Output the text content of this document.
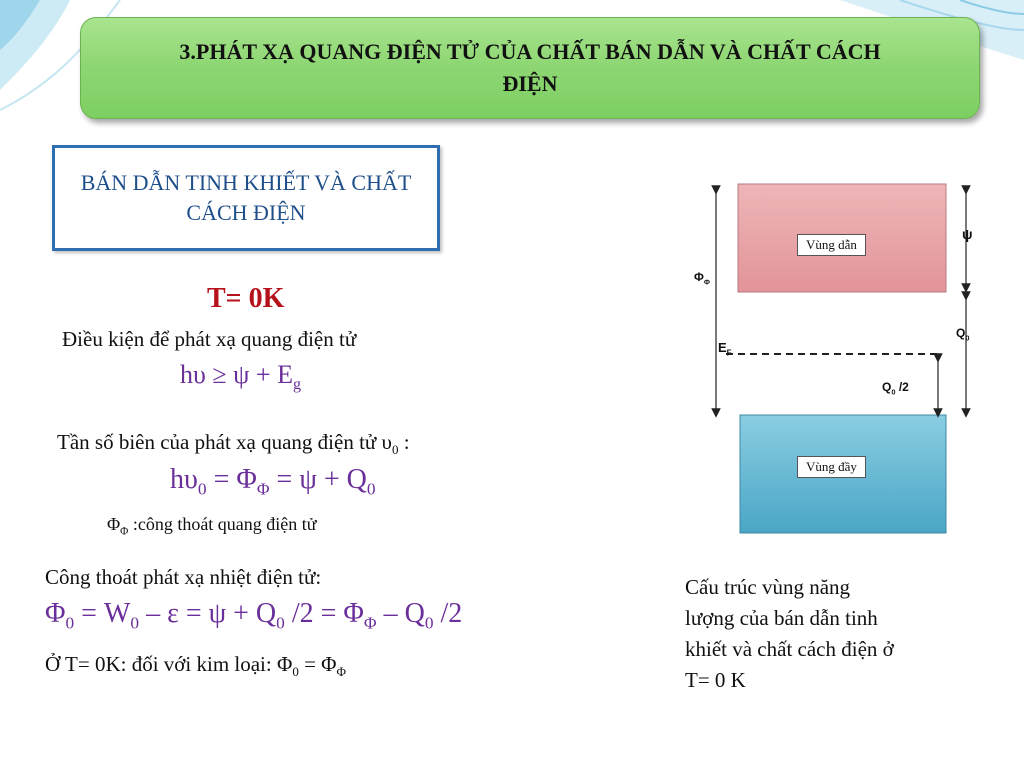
3.PHÁT XẠ QUANG ĐIỆN TỬ CỦA CHẤT BÁN DẪN VÀ CHẤT CÁCH ĐIỆN
BÁN DẪN TINH KHIẾT VÀ CHẤT CÁCH ĐIỆN
T= 0K
Điều kiện để phát xạ quang điện tử
$h\upsilon \ge \psi + E_g$
Tần số biên của phát xạ quang điện tử $\upsilon_0$ :
$h\upsilon_0 = \Phi_\Phi = \psi + Q_0$
$\Phi_\Phi$ :công thoát quang điện tử
Công thoát phát xạ nhiệt điện tử:
$\Phi_0 = W_0 - \varepsilon = \psi + Q_0$ $/2 = \Phi_\Phi - Q_0$ /2
Ở T= 0K: đối với kim loại: $\Phi_0 = \Phi_\Phi$
Vùng dẫn
Vùng đầy
ψ
$\Phi_\Phi$
$Q_0$
$E_F$
$Q_0$ /2
Cấu trúc vùng năng
lượng của bán dẫn tinh
khiết và chất cách điện ở
T= 0 K
